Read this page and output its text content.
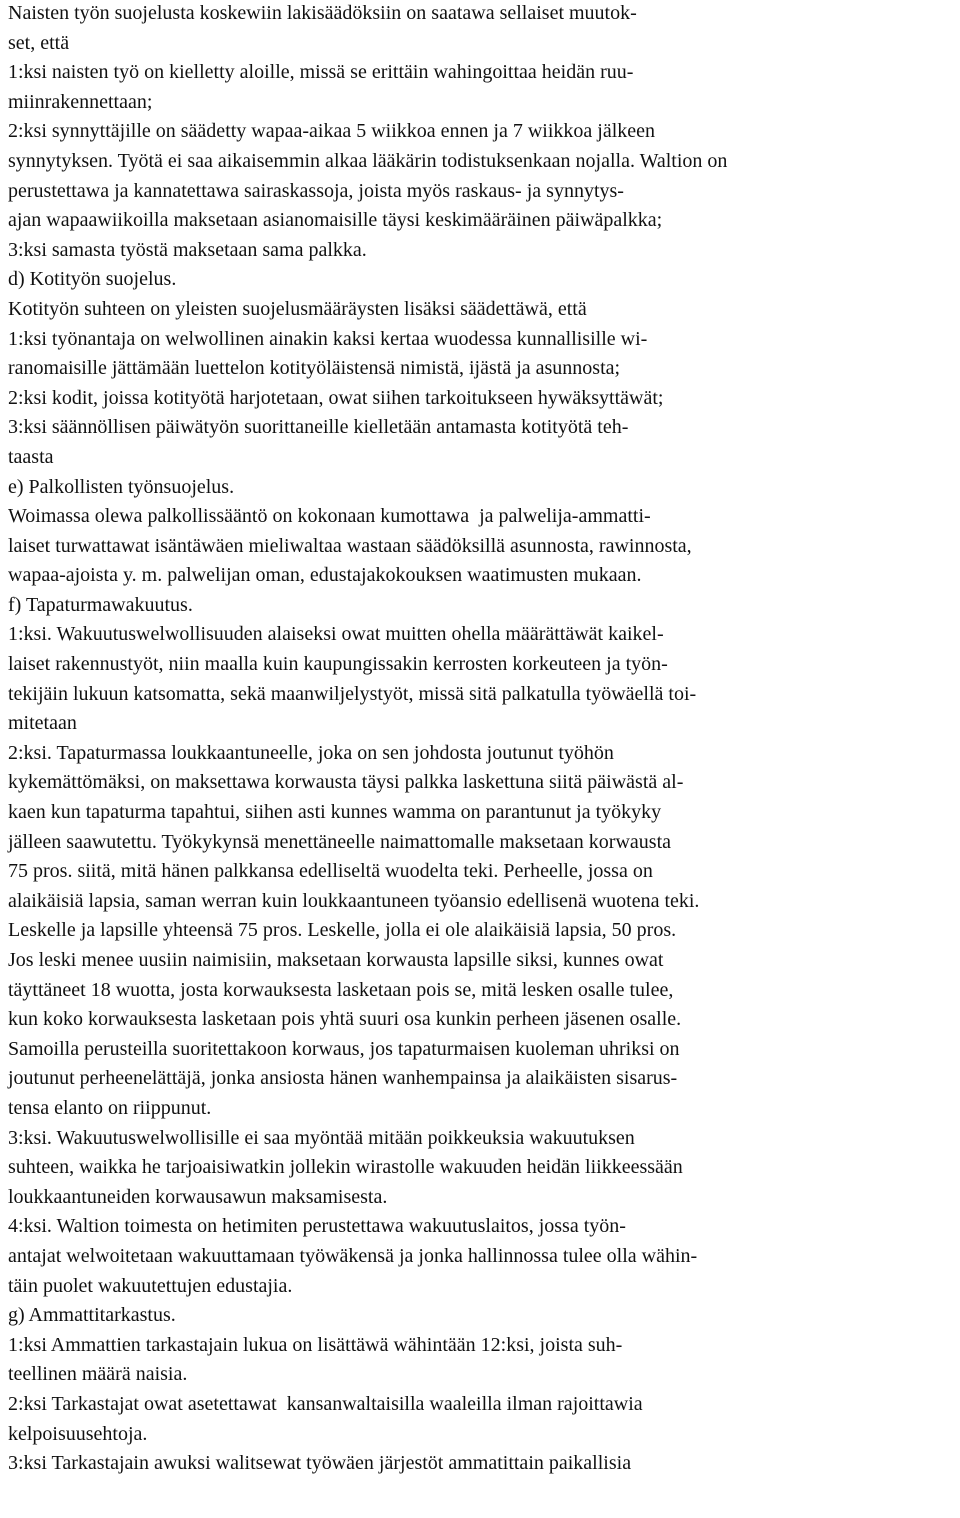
Naisten työn suojelusta koskewiin lakisäädöksiin on saatawa sellaiset muutok-
set, että
1:ksi naisten työ on kielletty aloille, missä se erittäin wahingoittaa heidän ruu-
miinrakennettaan;
2:ksi synnyttäjille on säädetty wapaa-aikaa 5 wiikkoa ennen ja 7 wiikkoa jälkeen
synnytyksen. Työtä ei saa aikaisemmin alkaa lääkärin todistuksenkaan nojalla. Waltion on
perustettawa ja kannatettawa sairaskassoja, joista myös raskaus- ja synnytys-
ajan wapaawiikoilla maksetaan asianomaisille täysi keskimääräinen päiwäpalkka;
3:ksi samasta työstä maksetaan sama palkka.
d) Kotityön suojelus.
Kotityön suhteen on yleisten suojelusmääräysten lisäksi säädettäwä, että
1:ksi työnantaja on welwollinen ainakin kaksi kertaa wuodessa kunnallisille wi-
ranomaisille jättämään luettelon kotityöläistensä nimistä, ijästä ja asunnosta;
2:ksi kodit, joissa kotityötä harjotetaan, owat siihen tarkoitukseen hywäksyttäwät;
3:ksi säännöllisen päiwätyön suorittaneille kielletään antamasta kotityötä teh-
taasta
e) Palkollisten työnsuojelus.
Woimassa olewa palkollissääntö on kokonaan kumottawa  ja palwelija-ammatti-
laiset turwattawat isäntäwäen mieliwaltaa wastaan säädöksillä asunnosta, rawinnosta,
wapaa-ajoista y. m. palwelijan oman, edustajakokouksen waatimusten mukaan.
f) Tapaturmawakuutus.
1:ksi. Wakuutuswelwollisuuden alaiseksi owat muitten ohella määrättäwät kaikel-
laiset rakennustyöt, niin maalla kuin kaupungissakin kerrosten korkeuteen ja työn-
tekijäin lukuun katsomatta, sekä maanwiljelystyöt, missä sitä palkatulla työwäellä toi-
mitetaan
2:ksi. Tapaturmassa loukkaantuneelle, joka on sen johdosta joutunut työhön
kykemättömäksi, on maksettawa korwausta täysi palkka laskettuna siitä päiwästä al-
kaen kun tapaturma tapahtui, siihen asti kunnes wamma on parantunut ja työkyky
jälleen saawutettu. Työkykynsä menettäneelle naimattomalle maksetaan korwausta
75 pros. siitä, mitä hänen palkkansa edelliseltä wuodelta teki. Perheelle, jossa on
alaikäisiä lapsia, saman werran kuin loukkaantuneen työansio edellisenä wuotena teki.
Leskelle ja lapsille yhteensä 75 pros. Leskelle, jolla ei ole alaikäisiä lapsia, 50 pros.
Jos leski menee uusiin naimisiin, maksetaan korwausta lapsille siksi, kunnes owat
täyttäneet 18 wuotta, josta korwauksesta lasketaan pois se, mitä lesken osalle tulee,
kun koko korwauksesta lasketaan pois yhtä suuri osa kunkin perheen jäsenen osalle.
Samoilla perusteilla suoritettakoon korwaus, jos tapaturmaisen kuoleman uhriksi on
joutunut perheenelättäjä, jonka ansiosta hänen wanhempainsa ja alaikäisten sisarus-
tensa elanto on riippunut.
3:ksi. Wakuutuswelwollisille ei saa myöntää mitään poikkeuksia wakuutuksen
suhteen, waikka he tarjoaisiwatkin jollekin wirastolle wakuuden heidän liikkeessään
loukkaantuneiden korwausawun maksamisesta.
4:ksi. Waltion toimesta on hetimiten perustettawa wakuutuslaitos, jossa työn-
antajat welwoitetaan wakuuttamaan työwäkensä ja jonka hallinnossa tulee olla wähin-
täin puolet wakuutettujen edustajia.
g) Ammattitarkastus.
1:ksi Ammattien tarkastajain lukua on lisättäwä wähintään 12:ksi, joista suh-
teellinen määrä naisia.
2:ksi Tarkastajat owat asetettawat  kansanwaltaisilla waaleilla ilman rajoittawia
kelpoisuusehtoja.
3:ksi Tarkastajain awuksi walitsewat työwäen järjestöt ammatittain paikallisia
